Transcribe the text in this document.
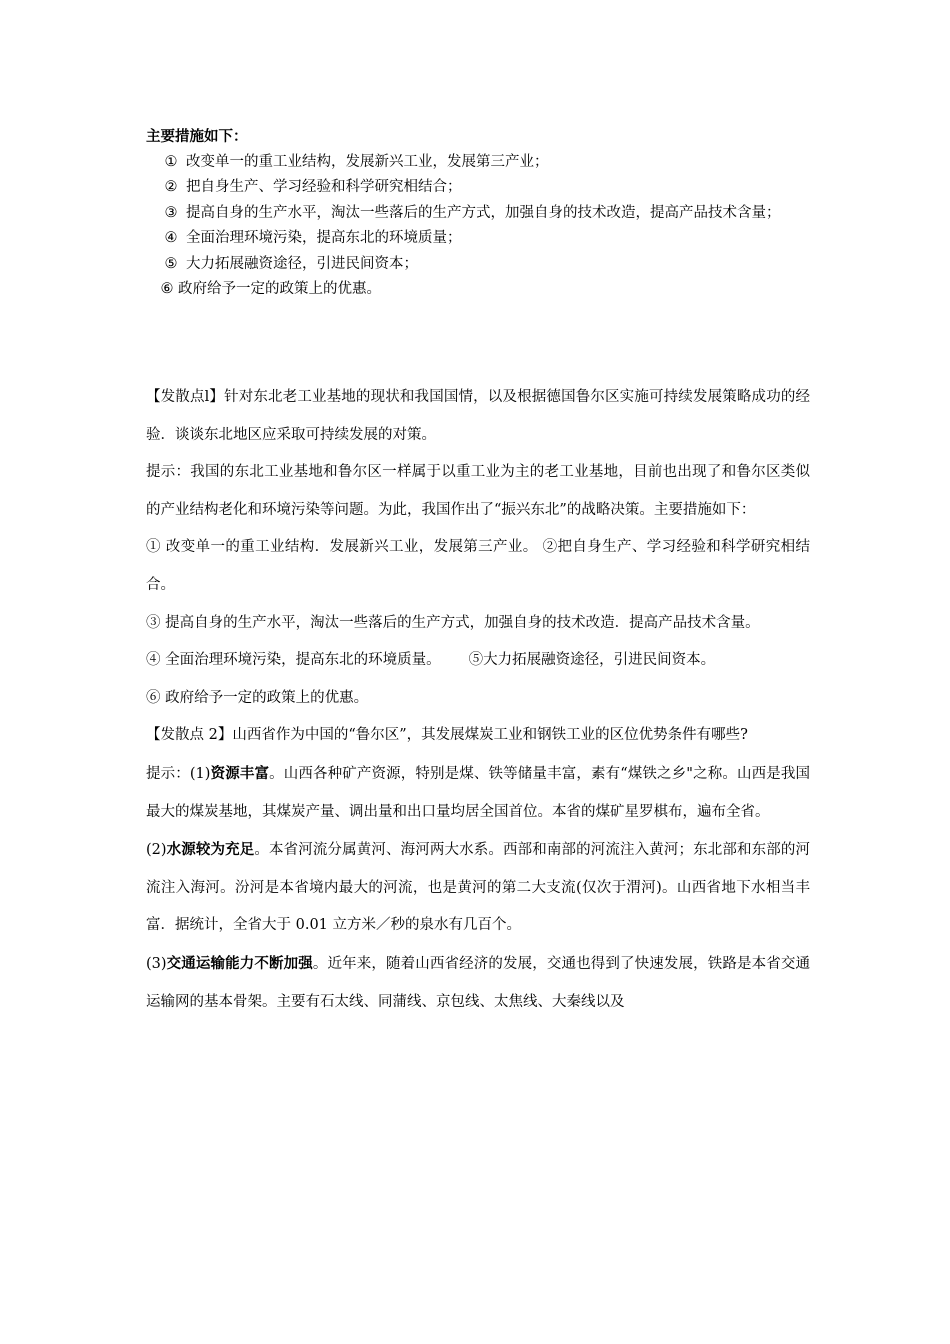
主要措施如下：
① 改变单一的重工业结构，发展新兴工业，发展第三产业；
② 把自身生产、学习经验和科学研究相结合；
③ 提高自身的生产水平，淘汰一些落后的生产方式，加强自身的技术改造，提高产品技术含量；
④ 全面治理环境污染，提高东北的环境质量；
⑤ 大力拓展融资途径，引进民间资本；
⑥ 政府给予一定的政策上的优惠。

【发散点l】针对东北老工业基地的现状和我国国情，以及根据德国鲁尔区实施可持续发展策略成功的经验．谈谈东北地区应采取可持续发展的对策。

提示：我国的东北工业基地和鲁尔区一样属于以重工业为主的老工业基地，目前也出现了和鲁尔区类似的产业结构老化和环境污染等问题。为此，我国作出了“振兴东北”的战略决策。主要措施如下：

① 改变单一的重工业结构．发展新兴工业，发展第三产业。 ②把自身生产、学习经验和科学研究相结合。

③ 提高自身的生产水平，淘汰一些落后的生产方式，加强自身的技术改造．提高产品技术含量。

④ 全面治理环境污染，提高东北的环境质量。 ⑤大力拓展融资途径，引进民间资本。

⑥ 政府给予一定的政策上的优惠。

【发散点 2】山西省作为中国的“鲁尔区”，其发展煤炭工业和钢铁工业的区位优势条件有哪些?

提示：(1)资源丰富。山西各种矿产资源，特别是煤、铁等储量丰富，素有“煤铁之乡"之称。山西是我国最大的煤炭基地，其煤炭产量、调出量和出口量均居全国首位。本省的煤矿星罗棋布，遍布全省。

(2)水源较为充足。本省河流分属黄河、海河两大水系。西部和南部的河流注入黄河；东北部和东部的河流注入海河。汾河是本省境内最大的河流，也是黄河的第二大支流(仅次于渭河)。山西省地下水相当丰富．据统计，全省大于 0.01 立方米／秒的泉水有几百个。

(3)交通运输能力不断加强。近年来，随着山西省经济的发展，交通也得到了快速发展，铁路是本省交通运输网的基本骨架。主要有石太线、同蒲线、京包线、太焦线、大秦线以及
